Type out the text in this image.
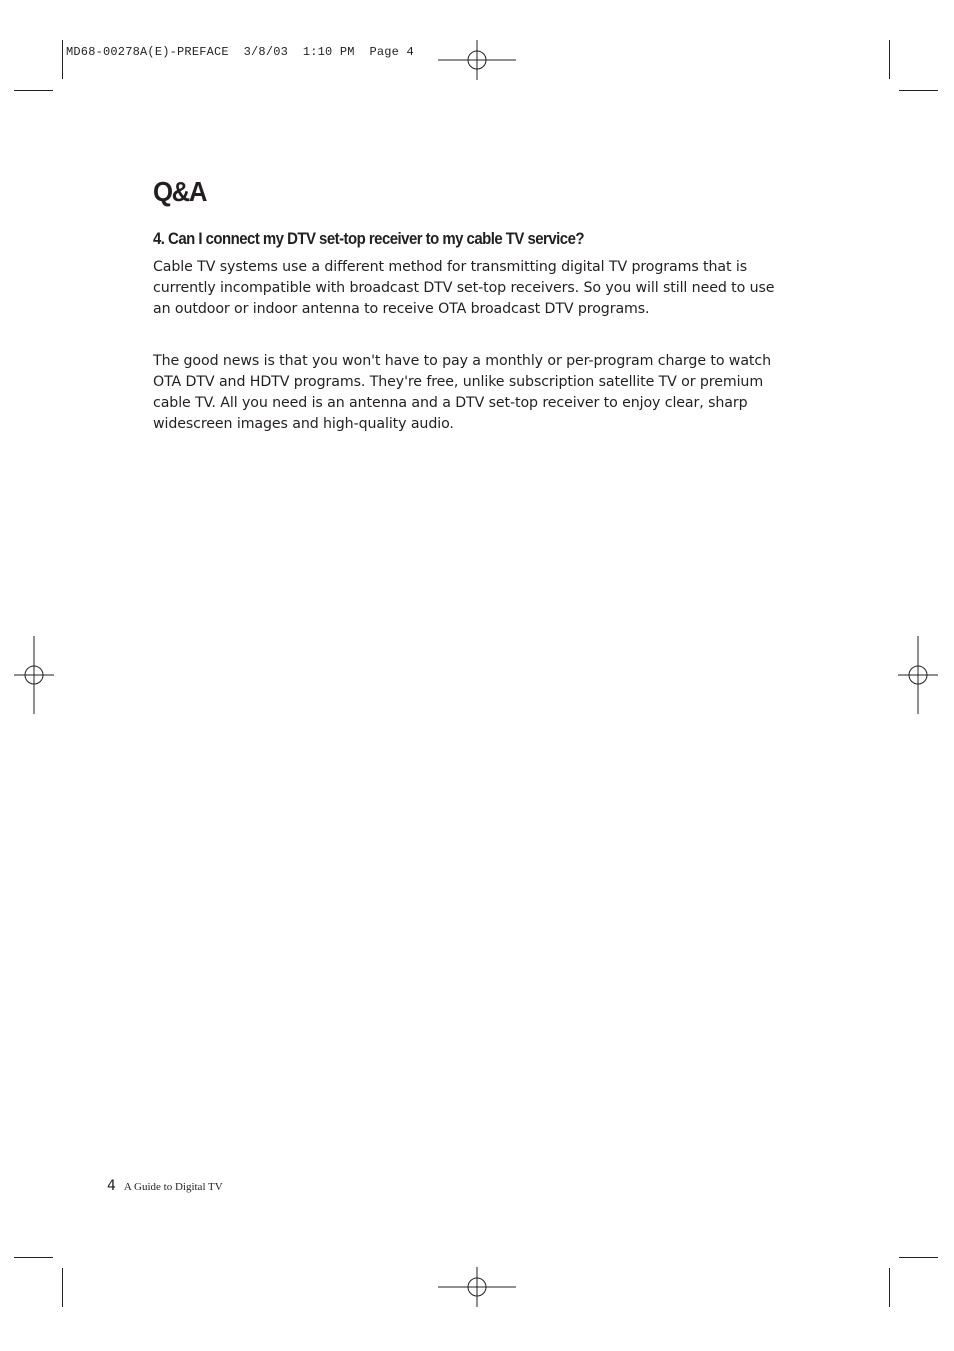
MD68-00278A(E)-PREFACE  3/8/03  1:10 PM  Page 4
Q&A
4. Can I connect my DTV set-top receiver to my cable TV service?

Cable TV systems use a different method for transmitting digital TV programs that is currently incompatible with broadcast DTV set-top receivers. So you will still need to use an outdoor or indoor antenna to receive OTA broadcast DTV programs.

The good news is that you won't have to pay a monthly or per-program charge to watch OTA DTV and HDTV programs. They're free, unlike subscription satellite TV or premium cable TV. All you need is an antenna and a DTV set-top receiver to enjoy clear, sharp widescreen images and high-quality audio.

4 A Guide to Digital TV
